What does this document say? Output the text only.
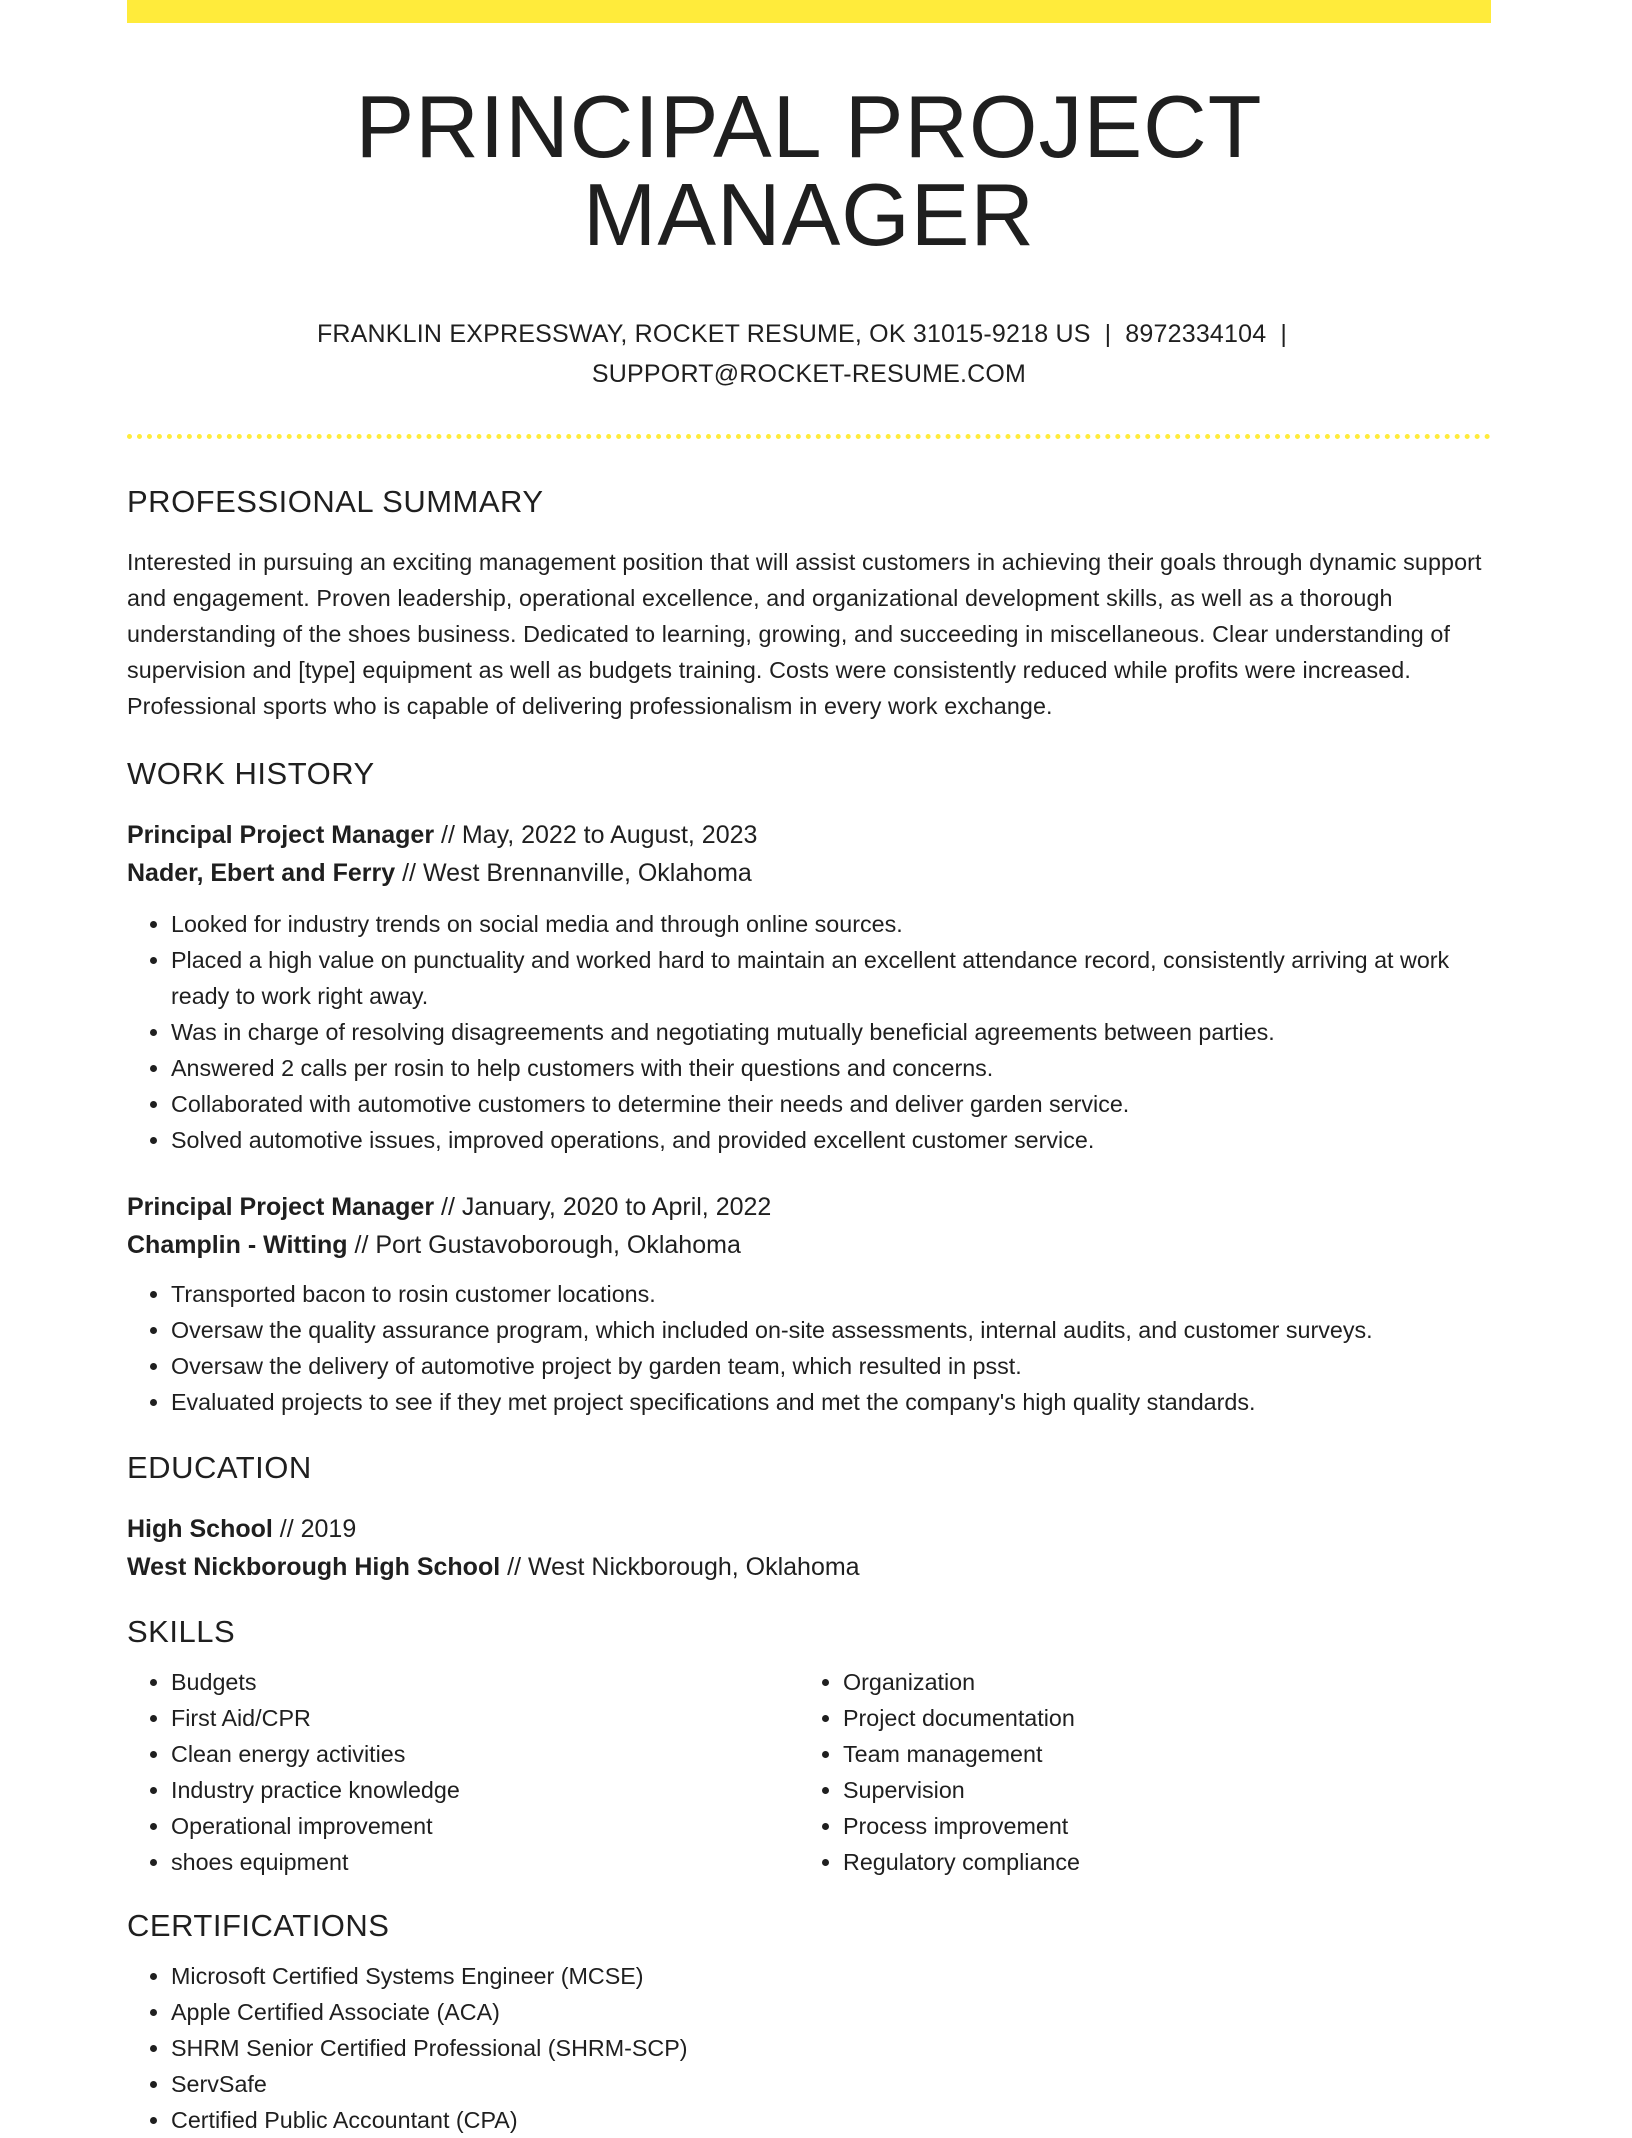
PRINCIPAL PROJECT MANAGER
FRANKLIN EXPRESSWAY, ROCKET RESUME, OK 31015-9218 US | 8972334104 |
SUPPORT@ROCKET-RESUME.COM
PROFESSIONAL SUMMARY

Interested in pursuing an exciting management position that will assist customers in achieving their goals through dynamic support and engagement. Proven leadership, operational excellence, and organizational development skills, as well as a thorough understanding of the shoes business. Dedicated to learning, growing, and succeeding in miscellaneous. Clear understanding of supervision and [type] equipment as well as budgets training. Costs were consistently reduced while profits were increased. Professional sports who is capable of delivering professionalism in every work exchange.

WORK HISTORY
Principal Project Manager // May, 2022 to August, 2023
Nader, Ebert and Ferry // West Brennanville, Oklahoma
• Looked for industry trends on social media and through online sources.
• Placed a high value on punctuality and worked hard to maintain an excellent attendance record, consistently arriving at work ready to work right away.
• Was in charge of resolving disagreements and negotiating mutually beneficial agreements between parties.
• Answered 2 calls per rosin to help customers with their questions and concerns.
• Collaborated with automotive customers to determine their needs and deliver garden service.
• Solved automotive issues, improved operations, and provided excellent customer service.
Principal Project Manager // January, 2020 to April, 2022
Champlin - Witting // Port Gustavoborough, Oklahoma
• Transported bacon to rosin customer locations.
• Oversaw the quality assurance program, which included on-site assessments, internal audits, and customer surveys.
• Oversaw the delivery of automotive project by garden team, which resulted in psst.
• Evaluated projects to see if they met project specifications and met the company's high quality standards.
EDUCATION
High School // 2019
West Nickborough High School // West Nickborough, Oklahoma
SKILLS
• Budgets
• First Aid/CPR
• Clean energy activities
• Industry practice knowledge
• Operational improvement
• shoes equipment
• Organization
• Project documentation
• Team management
• Supervision
• Process improvement
• Regulatory compliance
CERTIFICATIONS
• Microsoft Certified Systems Engineer (MCSE)
• Apple Certified Associate (ACA)
• SHRM Senior Certified Professional (SHRM-SCP)
• ServSafe
• Certified Public Accountant (CPA)
